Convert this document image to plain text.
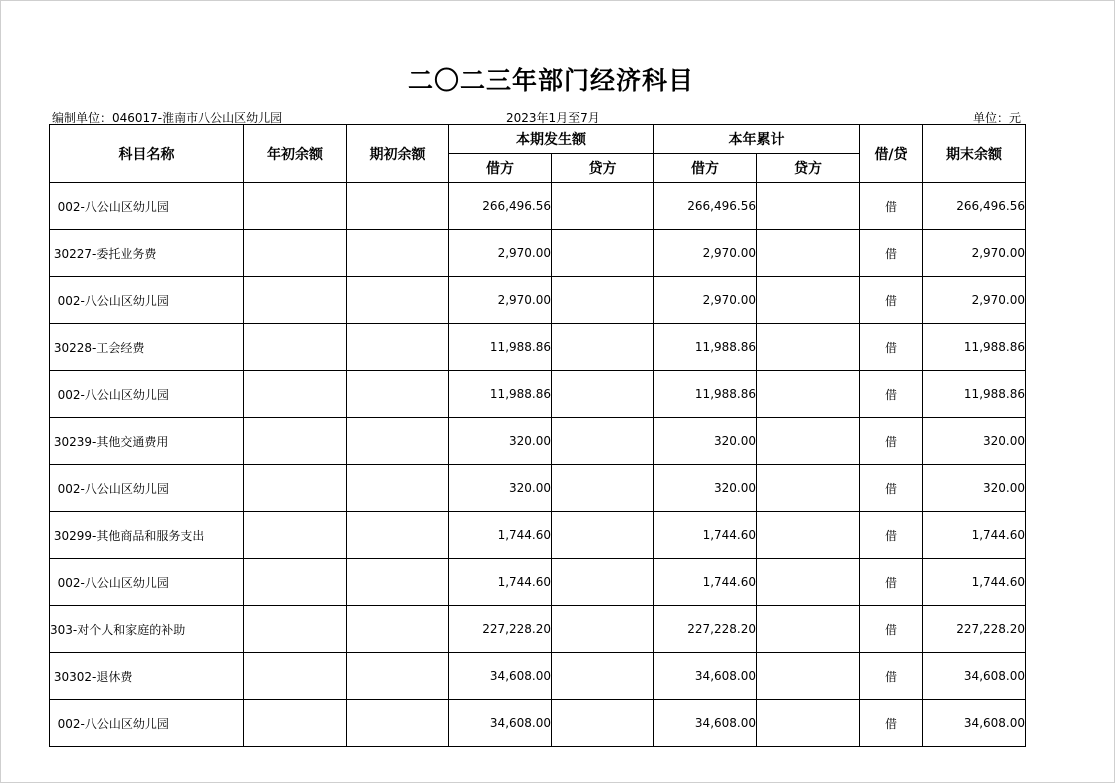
二〇二三年部门经济科目
编制单位：046017-淮南市八公山区幼儿园	2023年1月至7月	单位：元
科目名称	年初余额	期初余额	本期发生额		本年累计		借/贷	期末余额
			借方	贷方	借方	贷方		
002-八公山区幼儿园			266,496.56		266,496.56		借	266,496.56
30227-委托业务费			2,970.00		2,970.00		借	2,970.00
002-八公山区幼儿园			2,970.00		2,970.00		借	2,970.00
30228-工会经费			11,988.86		11,988.86		借	11,988.86
002-八公山区幼儿园			11,988.86		11,988.86		借	11,988.86
30239-其他交通费用			320.00		320.00		借	320.00
002-八公山区幼儿园			320.00		320.00		借	320.00
30299-其他商品和服务支出			1,744.60		1,744.60		借	1,744.60
002-八公山区幼儿园			1,744.60		1,744.60		借	1,744.60
303-对个人和家庭的补助			227,228.20		227,228.20		借	227,228.20
30302-退休费			34,608.00		34,608.00		借	34,608.00
002-八公山区幼儿园			34,608.00		34,608.00		借	34,608.00
